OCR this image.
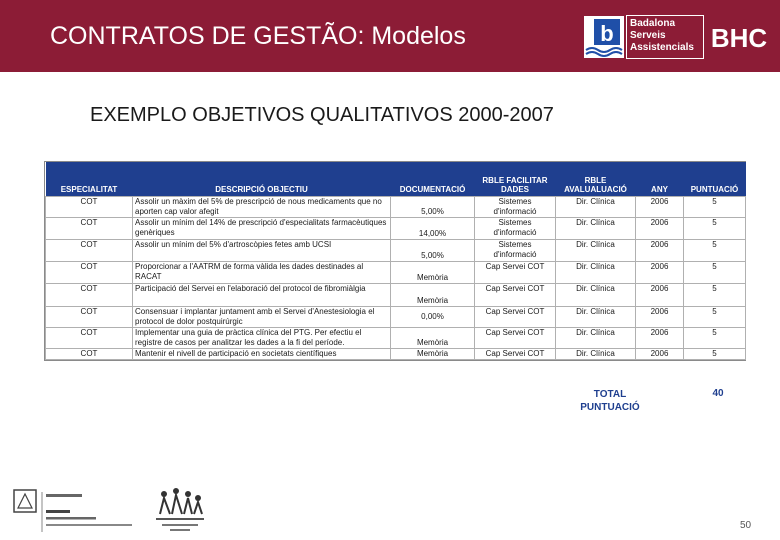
CONTRATOS DE GESTÃO: Modelos	b Badalona
Serveis
Assistencials BHC
EXEMPLO OBJETIVOS QUALITATIVOS 2000-2007
ESPECIALITAT	DESCRIPCIÓ OBJECTIU	DOCUMENTACIÓ	RBLE FACILITAR DADES	RBLE AVALUALUACIÓ	ANY	PUNTUACIÓ
COT	Assolir un màxim del 5% de prescripció de nous medicaments que no aporten cap valor afegit	5,00%	Sistemes d'informació	Dir. Clínica	2006	5
COT	Assolir un mínim del 14% de prescripció d'especialitats farmacèutiques genèriques	14,00%	Sistemes d'informació	Dir. Clínica	2006	5
COT	Assolir un mínim del 5% d'artroscòpies fetes amb UCSI	5,00%	Sistemes d'informació	Dir. Clínica	2006	5
COT	Proporcionar a l'AATRM de forma vàlida les dades destinades al RACAT	Memòria	Cap Servei COT	Dir. Clínica	2006	5
COT	Participació del Servei en l'elaboració del protocol de fibromiàlgia	Memòria	Cap Servei COT	Dir. Clínica	2006	5
COT	Consensuar i implantar juntament amb el Servei d'Anestesiologia el protocol de dolor postquirúrgic	0,00%	Cap Servei COT	Dir. Clínica	2006	5
COT	Implementar una guia de pràctica clínica del PTG. Per efectiu el registre de casos per analitzar les dades a la fi del període.	Memòria	Cap Servei COT	Dir. Clínica	2006	5
COT	Mantenir el nivell de participació en societats científiques	Memòria	Cap Servei COT	Dir. Clínica	2006	5
TOTAL
PUNTUACIÓ
40
50
